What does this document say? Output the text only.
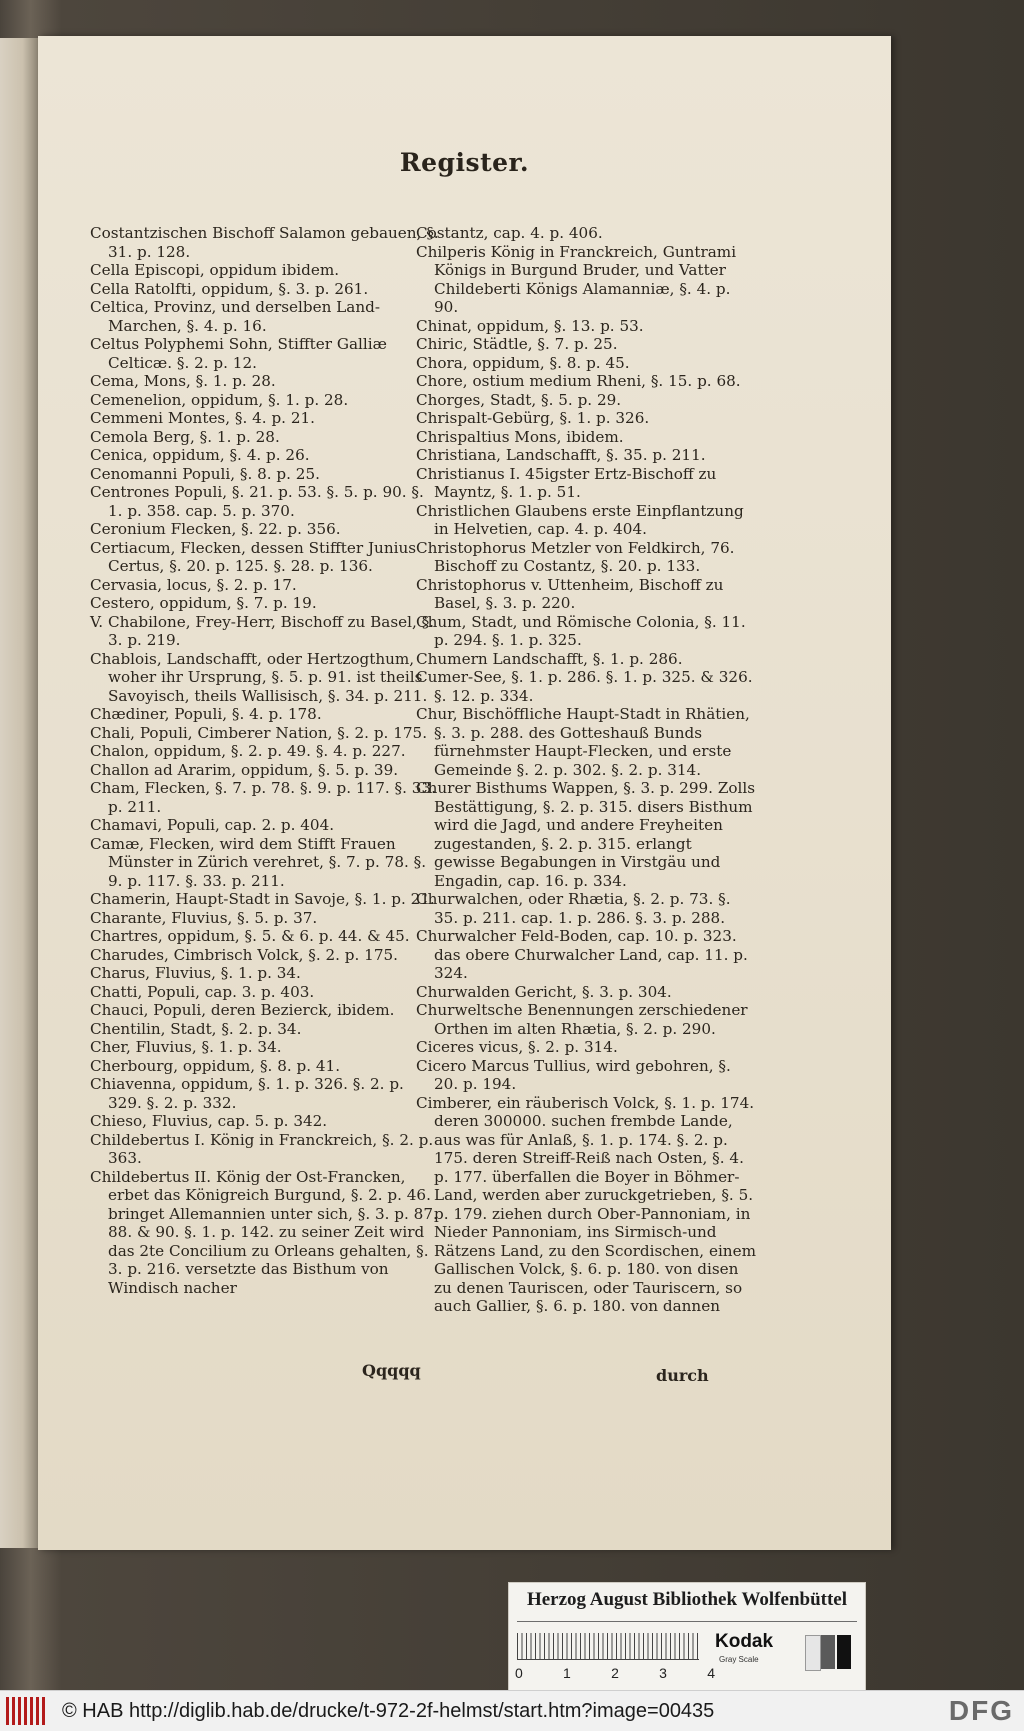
Register.

Costantzischen Bischoff Salamon gebauen, §. 31. p. 128.

Cella Episcopi, oppidum ibidem.

Cella Ratolfti, oppidum, §. 3. p. 261.

Celtica, Provinz, und derselben Land-Marchen, §. 4. p. 16.

Celtus Polyphemi Sohn, Stiffter Galliæ Celticæ. §. 2. p. 12.

Cema, Mons, §. 1. p. 28.

Cemenelion, oppidum, §. 1. p. 28.

Cemmeni Montes, §. 4. p. 21.

Cemola Berg, §. 1. p. 28.

Cenica, oppidum, §. 4. p. 26.

Cenomanni Populi, §. 8. p. 25.

Centrones Populi, §. 21. p. 53. §. 5. p. 90. §. 1. p. 358. cap. 5. p. 370.

Ceronium Flecken, §. 22. p. 356.

Certiacum, Flecken, dessen Stiffter Junius Certus, §. 20. p. 125. §. 28. p. 136.

Cervasia, locus, §. 2. p. 17.

Cestero, oppidum, §. 7. p. 19.

V. Chabilone, Frey-Herr, Bischoff zu Basel, §. 3. p. 219.

Chablois, Landschafft, oder Hertzogthum, woher ihr Ursprung, §. 5. p. 91. ist theils Savoyisch, theils Wallisisch, §. 34. p. 211.

Chædiner, Populi, §. 4. p. 178.

Chali, Populi, Cimberer Nation, §. 2. p. 175.

Chalon, oppidum, §. 2. p. 49. §. 4. p. 227.

Challon ad Ararim, oppidum, §. 5. p. 39.

Cham, Flecken, §. 7. p. 78. §. 9. p. 117. §. 33. p. 211.

Chamavi, Populi, cap. 2. p. 404.

Camæ, Flecken, wird dem Stifft Frauen Münster in Zürich verehret, §. 7. p. 78. §. 9. p. 117. §. 33. p. 211.

Chamerin, Haupt-Stadt in Savoje, §. 1. p. 21.

Charante, Fluvius, §. 5. p. 37.

Chartres, oppidum, §. 5. & 6. p. 44. & 45.

Charudes, Cimbrisch Volck, §. 2. p. 175.

Charus, Fluvius, §. 1. p. 34.

Chatti, Populi, cap. 3. p. 403.

Chauci, Populi, deren Bezierck, ibidem.

Chentilin, Stadt, §. 2. p. 34.

Cher, Fluvius, §. 1. p. 34.

Cherbourg, oppidum, §. 8. p. 41.

Chiavenna, oppidum, §. 1. p. 326. §. 2. p. 329. §. 2. p. 332.

Chieso, Fluvius, cap. 5. p. 342.

Childebertus I. König in Franckreich, §. 2. p. 363.

Childebertus II. König der Ost-Francken, erbet das Königreich Burgund, §. 2. p. 46. bringet Allemannien unter sich, §. 3. p. 87. 88. & 90. §. 1. p. 142. zu seiner Zeit wird das 2te Concilium zu Orleans gehalten, §. 3. p. 216. versetzte das Bisthum von Windisch nacher

Costantz, cap. 4. p. 406.

Chilperis König in Franckreich, Guntrami Königs in Burgund Bruder, und Vatter Childeberti Königs Alamanniæ, §. 4. p. 90.

Chinat, oppidum, §. 13. p. 53.

Chiric, Städtle, §. 7. p. 25.

Chora, oppidum, §. 8. p. 45.

Chore, ostium medium Rheni, §. 15. p. 68.

Chorges, Stadt, §. 5. p. 29.

Chrispalt-Gebürg, §. 1. p. 326.

Chrispaltius Mons, ibidem.

Christiana, Landschafft, §. 35. p. 211.

Christianus I. 45igster Ertz-Bischoff zu Mayntz, §. 1. p. 51.

Christlichen Glaubens erste Einpflantzung in Helvetien, cap. 4. p. 404.

Christophorus Metzler von Feldkirch, 76. Bischoff zu Costantz, §. 20. p. 133.

Christophorus v. Uttenheim, Bischoff zu Basel, §. 3. p. 220.

Chum, Stadt, und Römische Colonia, §. 11. p. 294. §. 1. p. 325.

Chumern Landschafft, §. 1. p. 286.

Cumer-See, §. 1. p. 286. §. 1. p. 325. & 326. §. 12. p. 334.

Chur, Bischöffliche Haupt-Stadt in Rhätien, §. 3. p. 288. des Gotteshauß Bunds fürnehmster Haupt-Flecken, und erste Gemeinde §. 2. p. 302. §. 2. p. 314.

Churer Bisthums Wappen, §. 3. p. 299. Zolls Bestättigung, §. 2. p. 315. disers Bisthum wird die Jagd, und andere Freyheiten zugestanden, §. 2. p. 315. erlangt gewisse Begabungen in Virstgäu und Engadin, cap. 16. p. 334.

Churwalchen, oder Rhætia, §. 2. p. 73. §. 35. p. 211. cap. 1. p. 286. §. 3. p. 288.

Churwalcher Feld-Boden, cap. 10. p. 323. das obere Churwalcher Land, cap. 11. p. 324.

Churwalden Gericht, §. 3. p. 304.

Churweltsche Benennungen zerschiedener Orthen im alten Rhætia, §. 2. p. 290.

Ciceres vicus, §. 2. p. 314.

Cicero Marcus Tullius, wird gebohren, §. 20. p. 194.

Cimberer, ein räuberisch Volck, §. 1. p. 174. deren 300000. suchen frembde Lande, aus was für Anlaß, §. 1. p. 174. §. 2. p. 175. deren Streiff-Reiß nach Osten, §. 4. p. 177. überfallen die Boyer in Böhmer-Land, werden aber zuruckgetrieben, §. 5. p. 179. ziehen durch Ober-Pannoniam, in Nieder Pannoniam, ins Sirmisch-und Rätzens Land, zu den Scordischen, einem Gallischen Volck, §. 6. p. 180. von disen zu denen Tauriscen, oder Tauriscern, so auch Gallier, §. 6. p. 180. von dannen

Qqqqq	durch
Herzog August Bibliothek Wolfenbüttel
0	1	2	3	4
Kodak
Gray Scale
© HAB http://diglib.hab.de/drucke/t-972-2f-helmst/start.htm?image=00435	DFG
